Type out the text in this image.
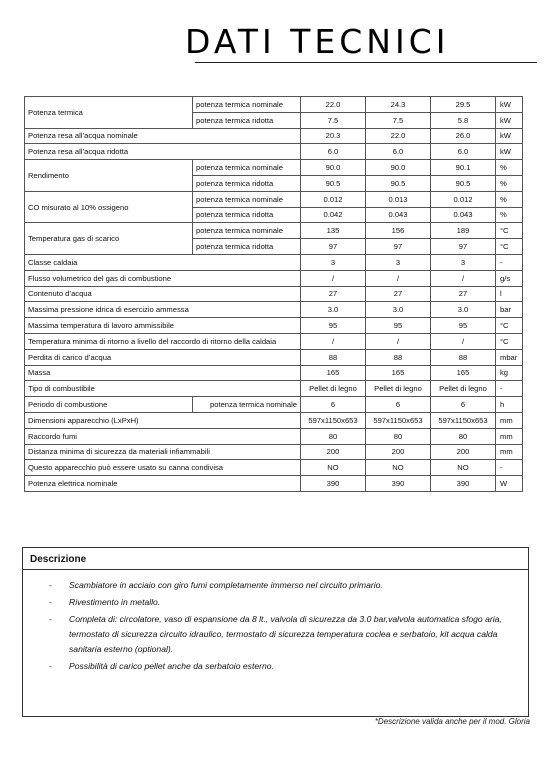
DATI TECNICI
Potenza termica	potenza termica nominale	22.0	24.3	29.5	kW
	potenza termica ridotta	7.5	7.5	5.8	kW
Potenza resa all’acqua nominale		20.3	22.0	26.0	kW
Potenza resa all’acqua ridotta		6.0	6.0	6.0	kW
Rendimento	potenza termica nominale	90.0	90.0	90.1	%
	potenza termica ridotta	90.5	90.5	90.5	%
CO misurato al 10% ossigeno	potenza termica nominale	0.012	0.013	0.012	%
	potenza termica ridotta	0.042	0.043	0.043	%
Temperatura gas di scarico	potenza termica nominale	135	156	189	°C
	potenza termica ridotta	97	97	97	°C
Classe caldaia		3	3	3	-
Flusso volumetrico del gas di combustione		/	/	/	g/s
Contenuto d’acqua		27	27	27	l
Massima pressione idrica di esercizio ammessa		3.0	3.0	3.0	bar
Massima temperatura di lavoro ammissibile		95	95	95	°C
Temperatura minima di ritorno a livello del raccordo di ritorno della caldaia		/	/	/	°C
Perdita di carico d’acqua		88	88	88	mbar
Massa		165	165	165	kg
Tipo di combustibile		Pellet di legno	Pellet di legno	Pellet di legno	-
Periodo di combustione	potenza termica nominale	6	6	6	h
Dimensioni apparecchio (LxPxH)		597x1150x653	597x1150x653	597x1150x653	mm
Raccordo fumi		80	80	80	mm
Distanza minima di sicurezza da materiali infiammabili		200	200	200	mm
Questo apparecchio può essere usato su canna condivisa		NO	NO	NO	-
Potenza elettrica nominale		390	390	390	W
Descrizione
- Scambiatore in acciaio con giro fumi completamente immerso nel circuito primario.
- Rivestimento in metallo.
- Completa di: circolatore, vaso di espansione da 8 lt., valvola di sicurezza da 3.0 bar,valvola automatica sfogo aria, termostato di sicurezza circuito idraulico, termostato di sicurezza temperatura coclea e serbatoio, kit acqua calda sanitaria esterno (optional).
- Possibilità di carico pellet anche da serbatoio esterno.
*Descrizione valida anche per il mod. Gloria
